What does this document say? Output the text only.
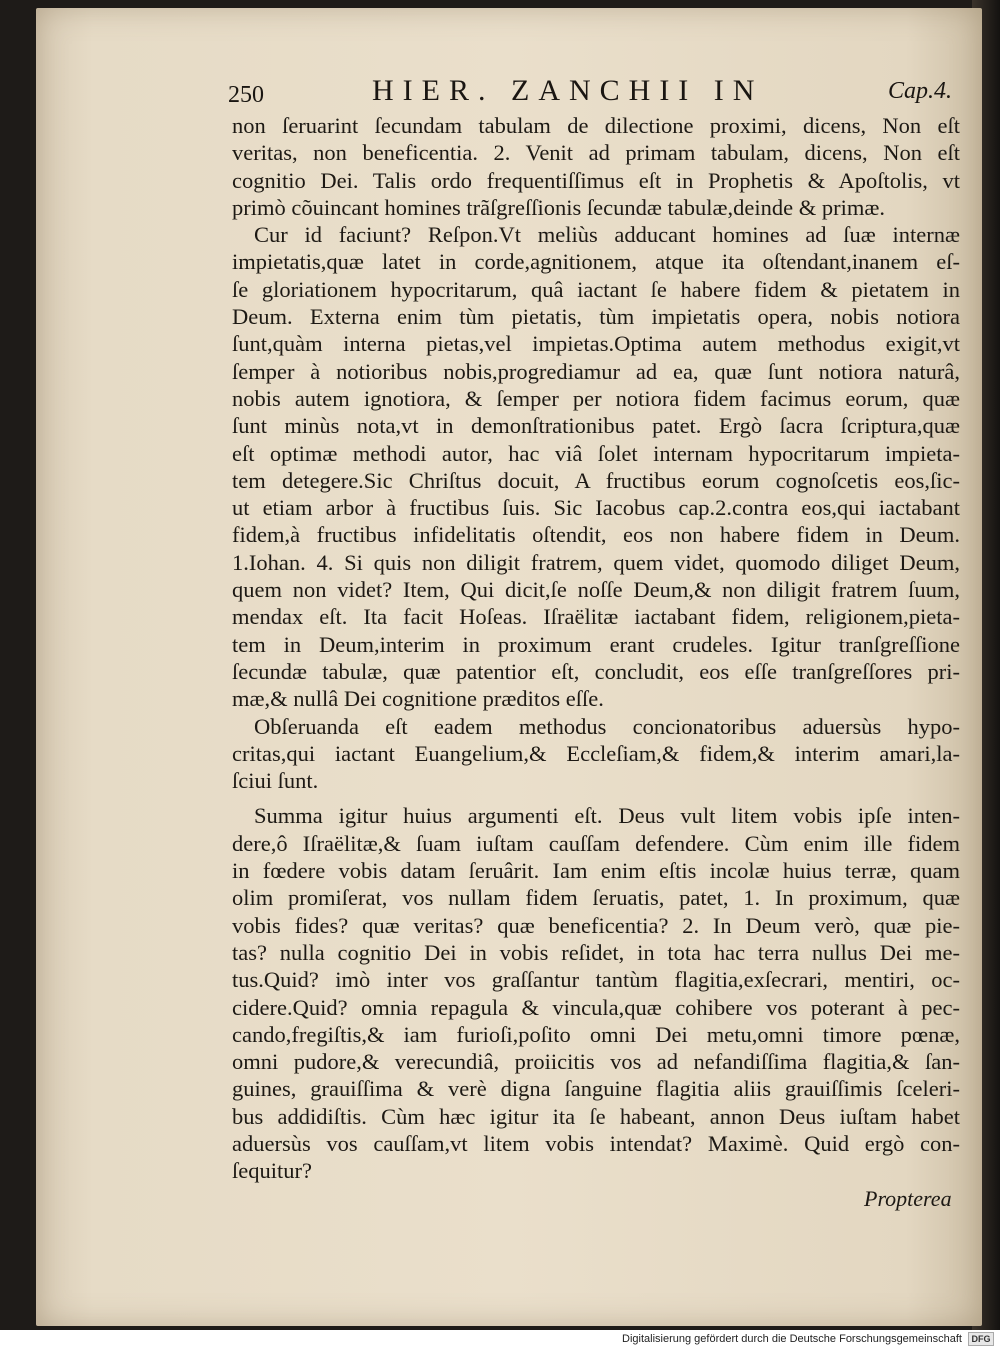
250	HIER. ZANCHII IN	Cap.4.
non ſeruarint ſecundam tabulam de dilectione proximi, dicens, Non eſt
veritas, non beneficentia. 2. Venit ad primam tabulam, dicens, Non eſt
cognitio Dei. Talis ordo frequentiſſimus eſt in Prophetis & Apoſtolis, vt
primò cõuincant homines trãſgreſſionis ſecundæ tabulæ,deinde & primæ.
Cur id faciunt? Reſpon.Vt meliùs adducant homines ad ſuæ internæ
impietatis,quæ latet in corde,agnitionem, atque ita oſtendant,inanem eſ-
ſe gloriationem hypocritarum, quâ iactant ſe habere fidem & pietatem in
Deum. Externa enim tùm pietatis, tùm impietatis opera, nobis notiora
ſunt,quàm interna pietas,vel impietas.Optima autem methodus exigit,vt
ſemper à notioribus nobis,progrediamur ad ea, quæ ſunt notiora naturâ,
nobis autem ignotiora, & ſemper per notiora fidem facimus eorum, quæ
ſunt minùs nota,vt in demonſtrationibus patet. Ergò ſacra ſcriptura,quæ
eſt optimæ methodi autor, hac viâ ſolet internam hypocritarum impieta-
tem detegere.Sic Chriſtus docuit, A fructibus eorum cognoſcetis eos,ſic-
ut etiam arbor à fructibus ſuis. Sic Iacobus cap.2.contra eos,qui iactabant
fidem,à fructibus infidelitatis oſtendit, eos non habere fidem in Deum.
1.Iohan. 4. Si quis non diligit fratrem, quem videt, quomodo diliget Deum,
quem non videt? Item, Qui dicit,ſe noſſe Deum,& non diligit fratrem ſuum,
mendax eſt. Ita facit Hoſeas. Iſraëlitæ iactabant fidem, religionem,pieta-
tem in Deum,interim in proximum erant crudeles. Igitur tranſgreſſione
ſecundæ tabulæ, quæ patentior eſt, concludit, eos eſſe tranſgreſſores pri-
mæ,& nullâ Dei cognitione præditos eſſe.
Obſeruanda eſt eadem methodus concionatoribus aduersùs hypo-
critas,qui iactant Euangelium,& Eccleſiam,& fidem,& interim amari,la-
ſciui ſunt.
Summa igitur huius argumenti eſt. Deus vult litem vobis ipſe inten-
dere,ô Iſraëlitæ,& ſuam iuſtam cauſſam defendere. Cùm enim ille fidem
in fœdere vobis datam ſeruârit. Iam enim eſtis incolæ huius terræ, quam
olim promiſerat, vos nullam fidem ſeruatis, patet, 1. In proximum, quæ
vobis fides? quæ veritas? quæ beneficentia? 2. In Deum verò, quæ pie-
tas? nulla cognitio Dei in vobis reſidet, in tota hac terra nullus Dei me-
tus.Quid? imò inter vos graſſantur tantùm flagitia,exſecrari, mentiri, oc-
cidere.Quid? omnia repagula & vincula,quæ cohibere vos poterant à pec-
cando,fregiſtis,& iam furioſi,poſito omni Dei metu,omni timore pœnæ,
omni pudore,& verecundiâ, proiicitis vos ad nefandiſſima flagitia,& ſan-
guines, grauiſſima & verè digna ſanguine flagitia aliis grauiſſimis ſceleri-
bus addidiſtis. Cùm hæc igitur ita ſe habeant, annon Deus iuſtam habet
aduersùs vos cauſſam,vt litem vobis intendat? Maximè. Quid ergò con-
ſequitur?
Propterea
Digitalisierung gefördert durch die Deutsche Forschungsgemeinschaft	DFG
